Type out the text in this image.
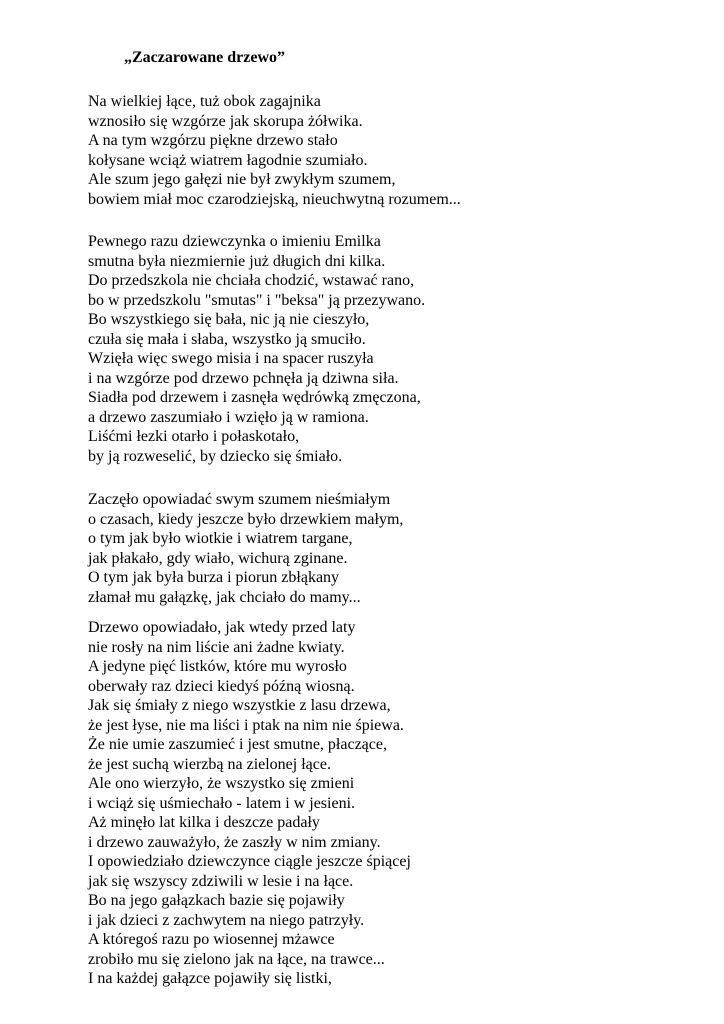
„Zaczarowane drzewo”
Na wielkiej łące, tuż obok zagajnika
wznosiło się wzgórze jak skorupa żółwika.
A na tym wzgórzu piękne drzewo stało
kołysane wciąż wiatrem łagodnie szumiało.
Ale szum jego gałęzi nie był zwykłym szumem,
bowiem miał moc czarodziejską, nieuchwytną rozumem...
Pewnego razu dziewczynka o imieniu Emilka
smutna była niezmiernie już długich dni kilka.
Do przedszkola nie chciała chodzić, wstawać rano,
bo w przedszkolu "smutas" i "beksa" ją przezywano.
Bo wszystkiego się bała, nic ją nie cieszyło,
czuła się mała i słaba, wszystko ją smuciło.
Wzięła więc swego misia i na spacer ruszyła
i na wzgórze pod drzewo pchnęła ją dziwna siła.
Siadła pod drzewem i zasnęła wędrówką zmęczona,
a drzewo zaszumiało i wzięło ją w ramiona.
Liśćmi łezki otarło i połaskotało,
by ją rozweselić, by dziecko się śmiało.
Zaczęło opowiadać swym szumem nieśmiałym
o czasach, kiedy jeszcze było drzewkiem małym,
o tym jak było wiotkie i wiatrem targane,
jak płakało, gdy wiało, wichurą zginane.
O tym jak była burza i piorun zbłąkany
złamał mu gałązkę, jak chciało do mamy...
Drzewo opowiadało, jak wtedy przed laty
nie rosły na nim liście ani żadne kwiaty.
A jedyne pięć listków, które mu wyrosło
oberwały raz dzieci kiedyś późną wiosną.
Jak się śmiały z niego wszystkie z lasu drzewa,
że jest łyse, nie ma liści i ptak na nim nie śpiewa.
Że nie umie zaszumieć i jest smutne, płaczące,
że jest suchą wierzbą na zielonej łące.
Ale ono wierzyło, że wszystko się zmieni
i wciąż się uśmiechało - latem i w jesieni.
Aż minęło lat kilka i deszcze padały
i drzewo zauważyło, że zaszły w nim zmiany.
I opowiedziało dziewczyncе ciągle jeszcze śpiącej
jak się wszyscy zdziwili w lesie i na łące.
Bo na jego gałązkach bazie się pojawiły
i jak dzieci z zachwytem na niego patrzyły.
A któregoś razu po wiosennej mżawce
zrobiło mu się zielono jak na łące, na trawce...
I na każdej gałązce pojawiły się listki,
